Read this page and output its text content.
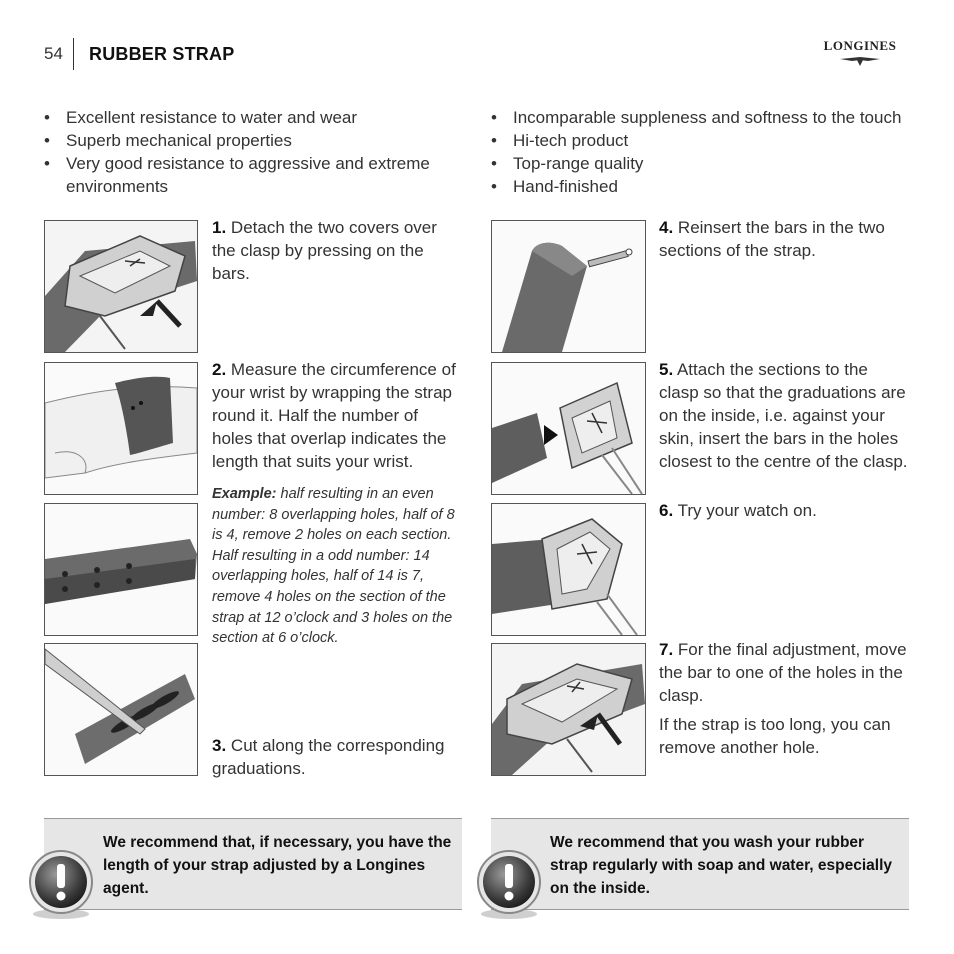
54 RUBBER STRAP	LONGINES
• Excellent resistance to water and wear
• Superb mechanical properties
• Very good resistance to aggressive and extreme environments
• Incomparable suppleness and softness to the touch
• Hi-tech product
• Top-range quality
• Hand-finished
1. Detach the two covers over the clasp by pressing on the bars.
2. Measure the circumference of your wrist by wrapping the strap round it. Half the number of holes that overlap indicates the length that suits your wrist.
Example: half resulting in an even number: 8 overlapping holes, half of 8 is 4, remove 2 holes on each section.
Half resulting in a odd number: 14 overlapping holes, half of 14 is 7, remove 4 holes on the section of the strap at 12 o’clock and 3 holes on the section at 6 o’clock.
3. Cut along the corresponding graduations.
4. Reinsert the bars in the two sections of the strap.
5. Attach the sections to the clasp so that the graduations are on the inside, i.e. against your skin, insert the bars in the holes closest to the centre of the clasp.
6. Try your watch on.
7. For the final adjustment, move the bar to one of the holes in the clasp.
If the strap is too long, you can remove another hole.
We recommend that, if necessary, you have the length of your strap adjusted by a Longines agent.
We recommend that you wash your rubber strap regularly with soap and water, especially on the inside.
